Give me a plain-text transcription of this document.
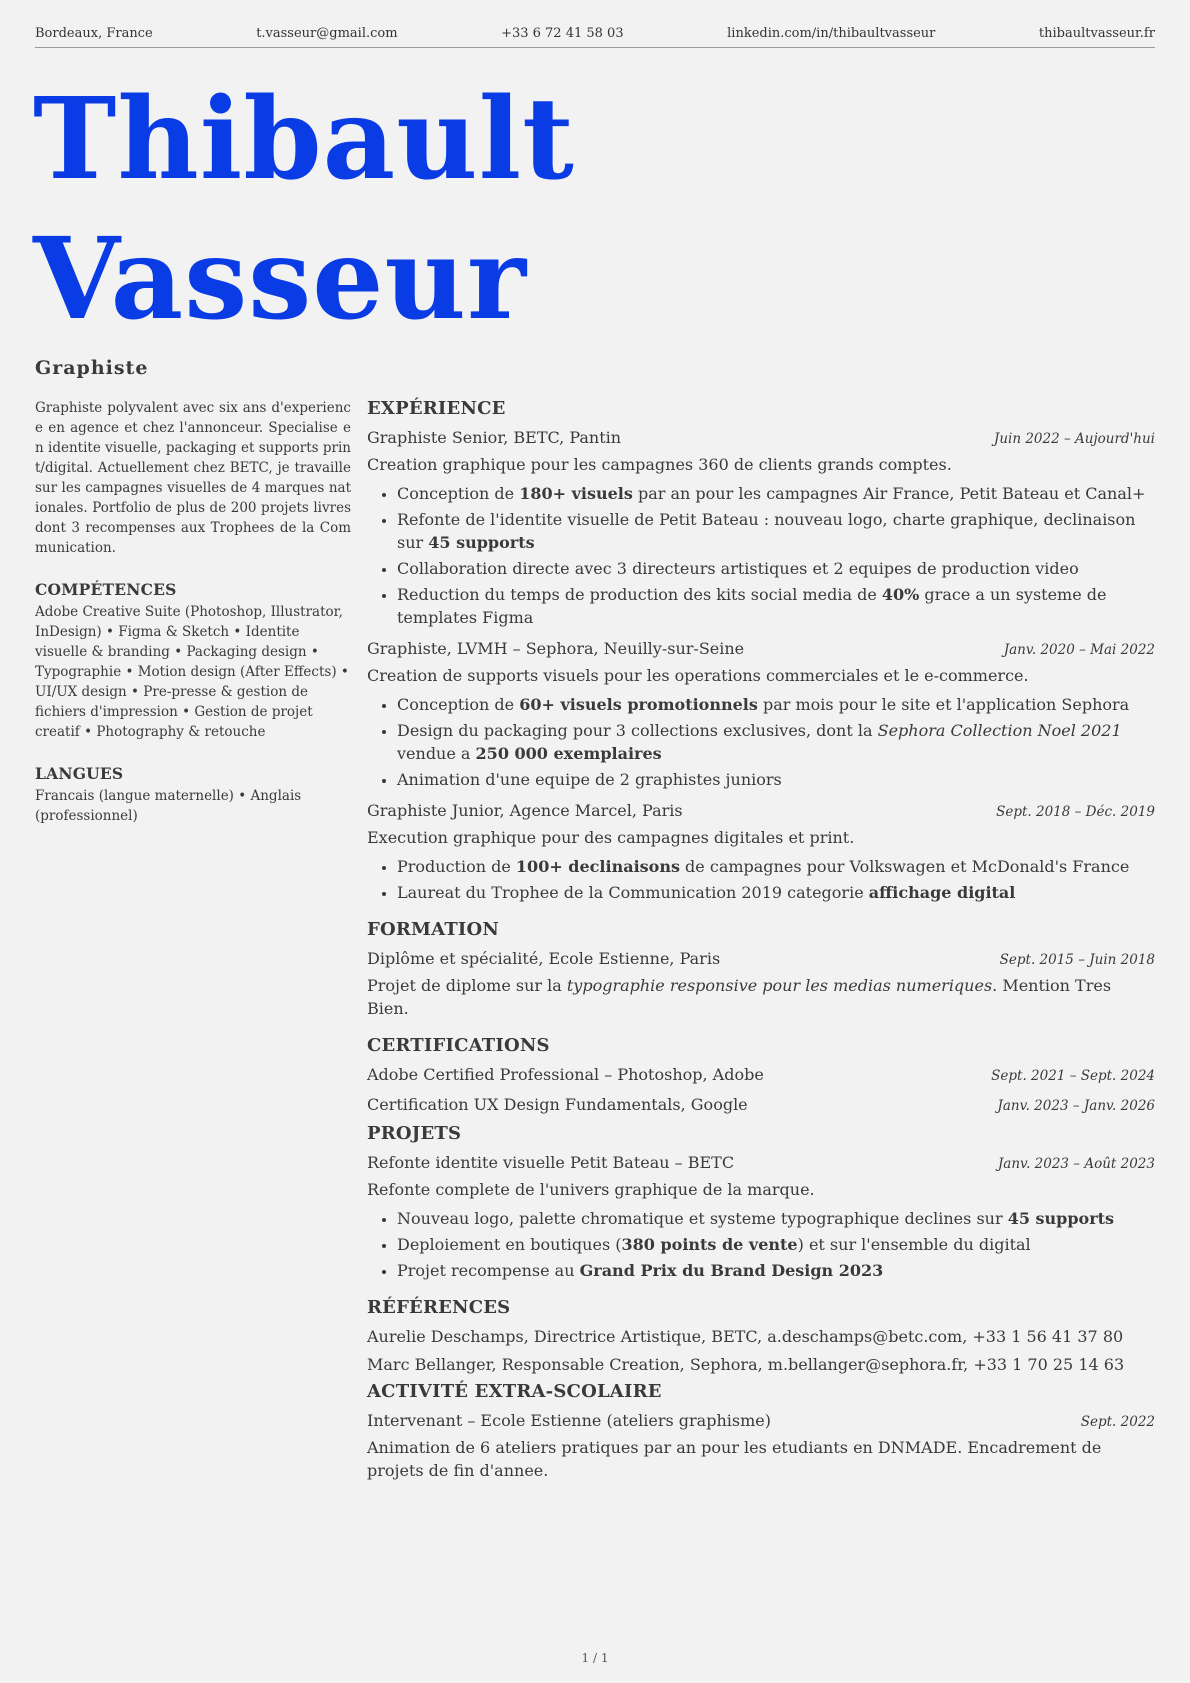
Bordeaux, France	t.vasseur@gmail.com	+33 6 72 41 58 03	linkedin.com/in/thibaultvasseur	thibaultvasseur.fr
Thibault
Vasseur
Graphiste
Graphiste polyvalent avec six ans d'experience en agence et chez l'annonceur. Specialise en identite visuelle, packaging et supports print/digital. Actuellement chez BETC, je travaille sur les campagnes visuelles de 4 marques nationales. Portfolio de plus de 200 projets livres dont 3 recompenses aux Trophees de la Communication.
COMPÉTENCES
Adobe Creative Suite (Photoshop, Illustrator, InDesign) • Figma & Sketch • Identite visuelle & branding • Packaging design • Typographie • Motion design (After Effects) • UI/UX design • Pre-presse & gestion de fichiers d'impression • Gestion de projet creatif • Photography & retouche
LANGUES
Francais (langue maternelle) • Anglais (professionnel)
EXPÉRIENCE
Graphiste Senior, BETC, Pantin	Juin 2022 – Aujourd'hui
Creation graphique pour les campagnes 360 de clients grands comptes.
• Conception de 180+ visuels par an pour les campagnes Air France, Petit Bateau et Canal+
• Refonte de l'identite visuelle de Petit Bateau : nouveau logo, charte graphique, declinaison sur 45 supports
• Collaboration directe avec 3 directeurs artistiques et 2 equipes de production video
• Reduction du temps de production des kits social media de 40% grace a un systeme de templates Figma
Graphiste, LVMH – Sephora, Neuilly-sur-Seine	Janv. 2020 – Mai 2022
Creation de supports visuels pour les operations commerciales et le e-commerce.
• Conception de 60+ visuels promotionnels par mois pour le site et l'application Sephora
• Design du packaging pour 3 collections exclusives, dont la Sephora Collection Noel 2021 vendue a 250 000 exemplaires
• Animation d'une equipe de 2 graphistes juniors
Graphiste Junior, Agence Marcel, Paris	Sept. 2018 – Déc. 2019
Execution graphique pour des campagnes digitales et print.
• Production de 100+ declinaisons de campagnes pour Volkswagen et McDonald's France
• Laureat du Trophee de la Communication 2019 categorie affichage digital
FORMATION
Diplôme et spécialité, Ecole Estienne, Paris	Sept. 2015 – Juin 2018
Projet de diplome sur la typographie responsive pour les medias numeriques. Mention Tres Bien.
CERTIFICATIONS
Adobe Certified Professional – Photoshop, Adobe	Sept. 2021 – Sept. 2024
Certification UX Design Fundamentals, Google	Janv. 2023 – Janv. 2026
PROJETS
Refonte identite visuelle Petit Bateau – BETC	Janv. 2023 – Août 2023
Refonte complete de l'univers graphique de la marque.
• Nouveau logo, palette chromatique et systeme typographique declines sur 45 supports
• Deploiement en boutiques (380 points de vente) et sur l'ensemble du digital
• Projet recompense au Grand Prix du Brand Design 2023
RÉFÉRENCES
Aurelie Deschamps, Directrice Artistique, BETC, a.deschamps@betc.com, +33 1 56 41 37 80
Marc Bellanger, Responsable Creation, Sephora, m.bellanger@sephora.fr, +33 1 70 25 14 63
ACTIVITÉ EXTRA-SCOLAIRE
Intervenant – Ecole Estienne (ateliers graphisme)	Sept. 2022
Animation de 6 ateliers pratiques par an pour les etudiants en DNMADE. Encadrement de projets de fin d'annee.
1 / 1
